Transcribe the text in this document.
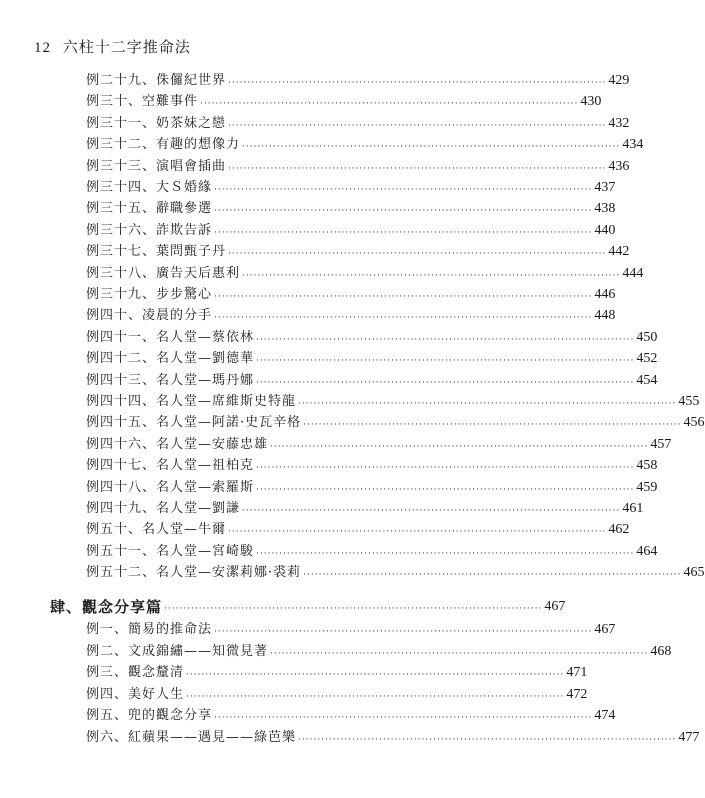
12 六柱十二字推命法
例二十九、侏儸紀世界 ·································································································· 429
例三十、空難事件 ·································································································· 430
例三十一、奶茶妹之戀 ·································································································· 432
例三十二、有趣的想像力 ·································································································· 434
例三十三、演唱會插曲 ·································································································· 436
例三十四、大Ｓ婚緣 ·································································································· 437
例三十五、辭職參選 ·································································································· 438
例三十六、詐欺告訴 ·································································································· 440
例三十七、葉問甄子丹 ·································································································· 442
例三十八、廣告天后惠利 ·································································································· 444
例三十九、步步驚心 ·································································································· 446
例四十、凌晨的分手 ·································································································· 448
例四十一、名人堂—蔡依林 ·································································································· 450
例四十二、名人堂—劉德華 ·································································································· 452
例四十三、名人堂—瑪丹娜 ·································································································· 454
例四十四、名人堂—席維斯史特龍 ·································································································· 455
例四十五、名人堂—阿諾·史瓦辛格 ·································································································· 456
例四十六、名人堂—安藤忠雄 ·································································································· 457
例四十七、名人堂—祖柏克 ·································································································· 458
例四十八、名人堂—索羅斯 ·································································································· 459
例四十九、名人堂—劉謙 ·································································································· 461
例五十、名人堂—牛爾 ·································································································· 462
例五十一、名人堂—宮崎駿 ·································································································· 464
例五十二、名人堂—安潔莉娜·裘莉 ·································································································· 465
肆、觀念分享篇 ·································································································· 467
例一、簡易的推命法 ·································································································· 467
例二、文成錦繡——知微見著 ·································································································· 468
例三、觀念釐清 ·································································································· 471
例四、美好人生 ·································································································· 472
例五、兜的觀念分享 ·································································································· 474
例六、紅蘋果——遇見——綠芭樂 ·································································································· 477
